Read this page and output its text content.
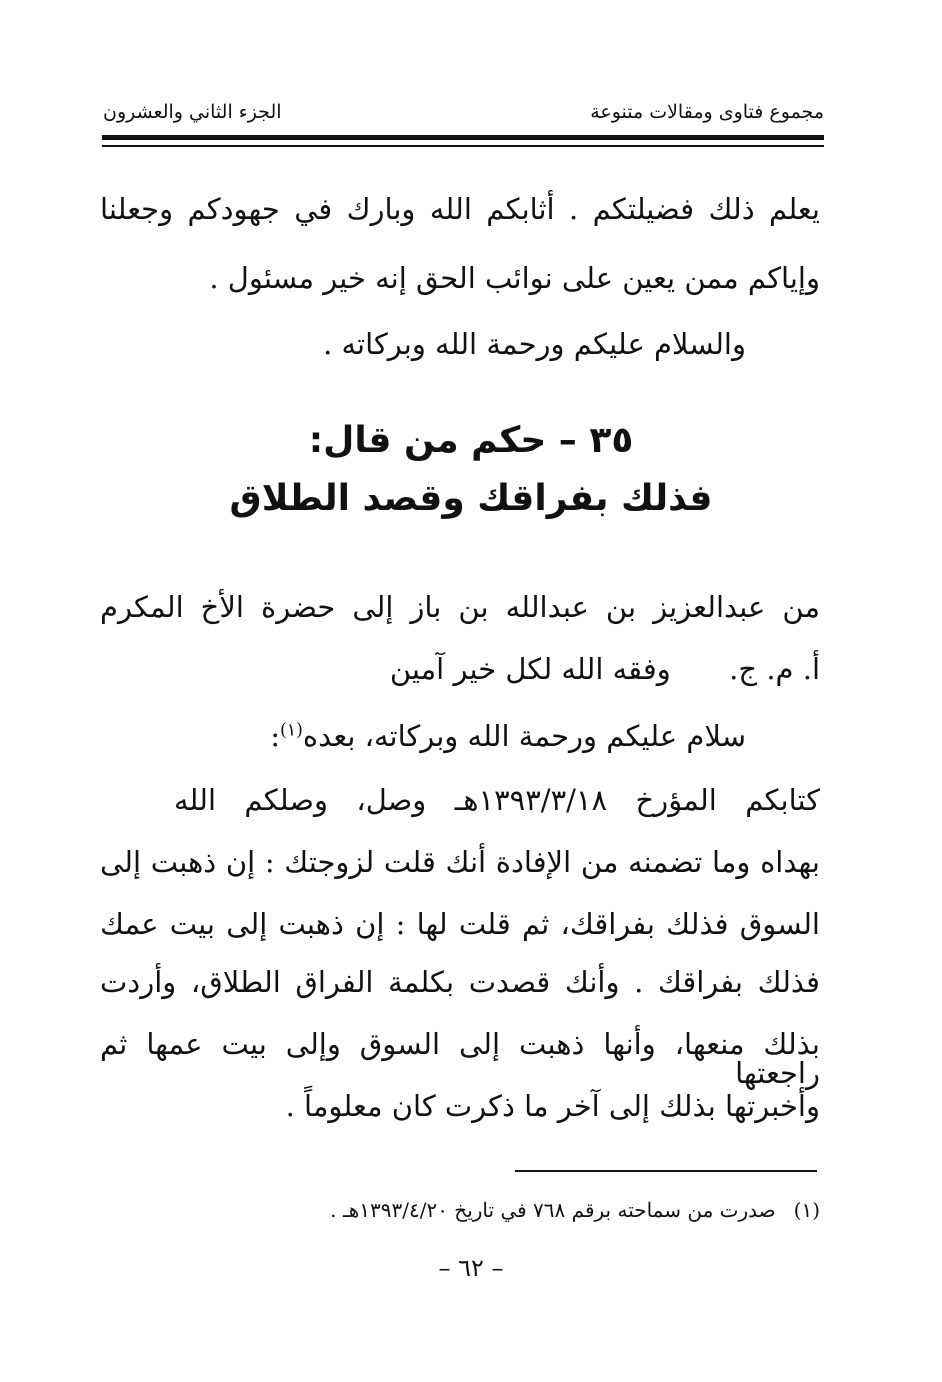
مجموع فتاوى ومقالات متنوعة
الجزء الثاني والعشرون
يعلم ذلك فضيلتكم . أثابكم الله وبارك في جهودكم وجعلنا
وإياكم ممن يعين على نوائب الحق إنه خير مسئول .
والسلام عليكم ورحمة الله وبركاته .
٣٥ – حكم من قال:
فذلك بفراقك وقصد الطلاق
من عبدالعزيز بن عبدالله بن باز إلى حضرة الأخ المكرم
أ. م. ج.  وفقه الله لكل خير آمين
سلام عليكم ورحمة الله وبركاته، بعده$^{(١)}$:
كتابكم المؤرخ ١٣٩٣/٣/١٨هـ وصل، وصلكم الله
بهداه وما تضمنه من الإفادة أنك قلت لزوجتك : إن ذهبت إلى
السوق فذلك بفراقك، ثم قلت لها : إن ذهبت إلى بيت عمك
فذلك بفراقك . وأنك قصدت بكلمة الفراق الطلاق، وأردت
بذلك منعها، وأنها ذهبت إلى السوق وإلى بيت عمها ثم راجعتها
وأخبرتها بذلك إلى آخر ما ذكرت كان معلوماً .
(١)صدرت من سماحته برقم ٧٦٨ في تاريخ ١٣٩٣/٤/٢٠هـ .
– ٦٢ –
